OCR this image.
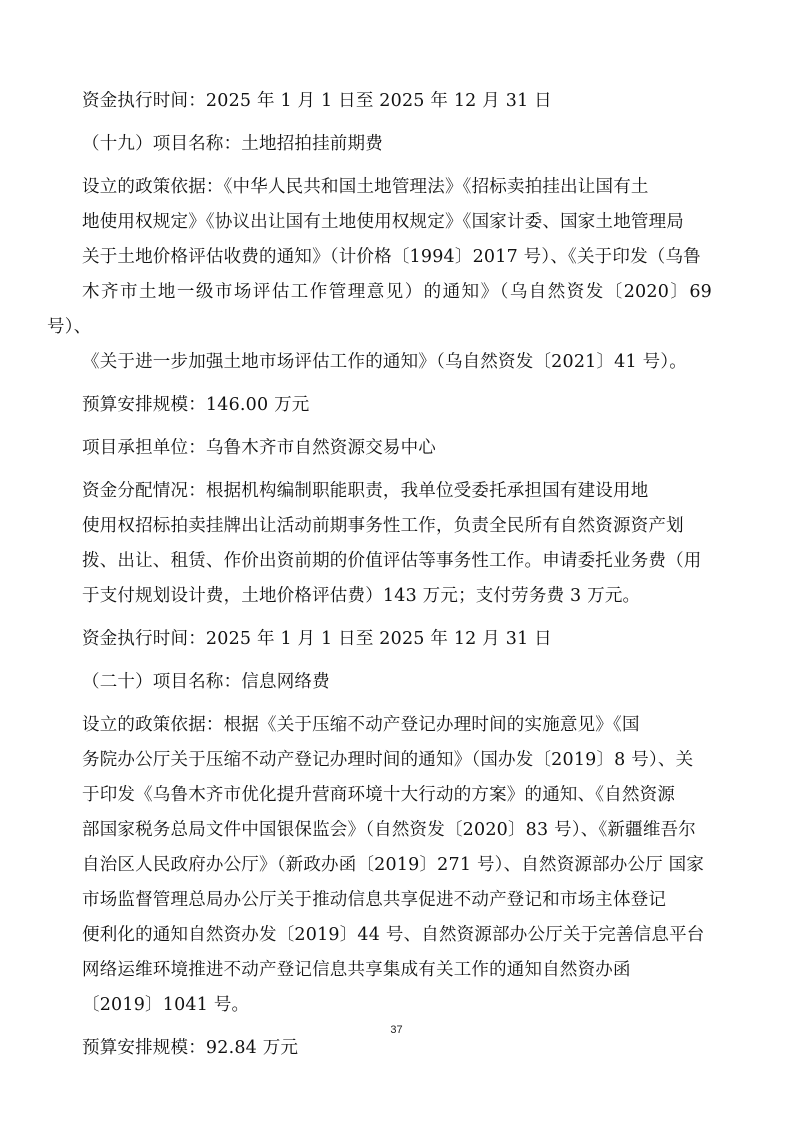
资金执行时间：2025 年 1 月 1 日至 2025 年 12 月 31 日

（十九）项目名称：土地招拍挂前期费

设立的政策依据：《中华人民共和国土地管理法》《招标卖拍挂出让国有土
地使用权规定》《协议出让国有土地使用权规定》《国家计委、国家土地管理局
关于土地价格评估收费的通知》（计价格〔1994〕2017 号）、《关于印发（乌鲁
木齐市土地一级市场评估工作管理意见）的通知》（乌自然资发〔2020〕69 号）、
《关于进一步加强土地市场评估工作的通知》（乌自然资发〔2021〕41 号）。

预算安排规模：146.00 万元

项目承担单位：乌鲁木齐市自然资源交易中心

资金分配情况：根据机构编制职能职责，我单位受委托承担国有建设用地
使用权招标拍卖挂牌出让活动前期事务性工作，负责全民所有自然资源资产划
拨、出让、租赁、作价出资前期的价值评估等事务性工作。申请委托业务费（用
于支付规划设计费，土地价格评估费）143 万元；支付劳务费 3 万元。

资金执行时间：2025 年 1 月 1 日至 2025 年 12 月 31 日

（二十）项目名称：信息网络费

设立的政策依据：根据《关于压缩不动产登记办理时间的实施意见》《国
务院办公厅关于压缩不动产登记办理时间的通知》（国办发〔2019〕8 号）、关
于印发《乌鲁木齐市优化提升营商环境十大行动的方案》的通知、《自然资源
部国家税务总局文件中国银保监会》（自然资发〔2020〕83 号）、《新疆维吾尔
自治区人民政府办公厅》（新政办函〔2019〕271 号）、自然资源部办公厅 国家
市场监督管理总局办公厅关于推动信息共享促进不动产登记和市场主体登记
便利化的通知自然资办发〔2019〕44 号、自然资源部办公厅关于完善信息平台
网络运维环境推进不动产登记信息共享集成有关工作的通知自然资办函
〔2019〕1041 号。

预算安排规模：92.84 万元

37
